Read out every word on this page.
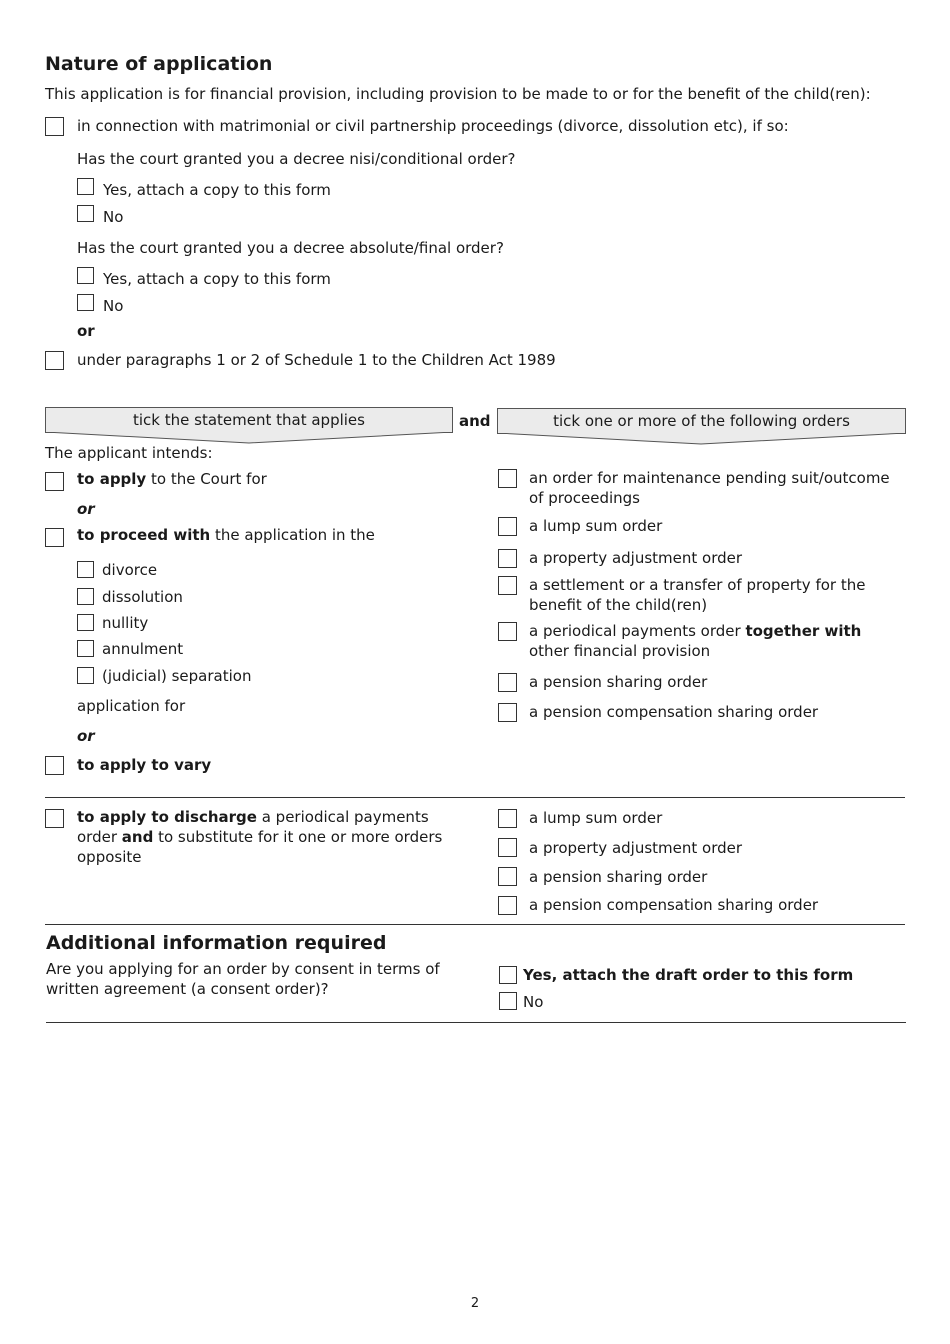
Nature of application
This application is for financial provision, including provision to be made to or for the benefit of the child(ren):
in connection with matrimonial or civil partnership proceedings (divorce, dissolution etc), if so:
Has the court granted you a decree nisi/conditional order?
Yes, attach a copy to this form
No
Has the court granted you a decree absolute/final order?
Yes, attach a copy to this form
No
or
under paragraphs 1 or 2 of Schedule 1 to the Children Act 1989
tick the statement that applies	and	tick one or more of the following orders
The applicant intends:
to apply to the Court for
or
to proceed with the application in the
divorce
dissolution
nullity
annulment
(judicial) separation
application for
or
to apply to vary
an order for maintenance pending suit/outcome of proceedings
a lump sum order
a property adjustment order
a settlement or a transfer of property for the benefit of the child(ren)
a periodical payments order together with other financial provision
a pension sharing order
a pension compensation sharing order
to apply to discharge a periodical payments order and to substitute for it one or more orders opposite
a lump sum order
a property adjustment order
a pension sharing order
a pension compensation sharing order
Additional information required
Are you applying for an order by consent in terms of written agreement (a consent order)?
Yes, attach the draft order to this form
No
2
